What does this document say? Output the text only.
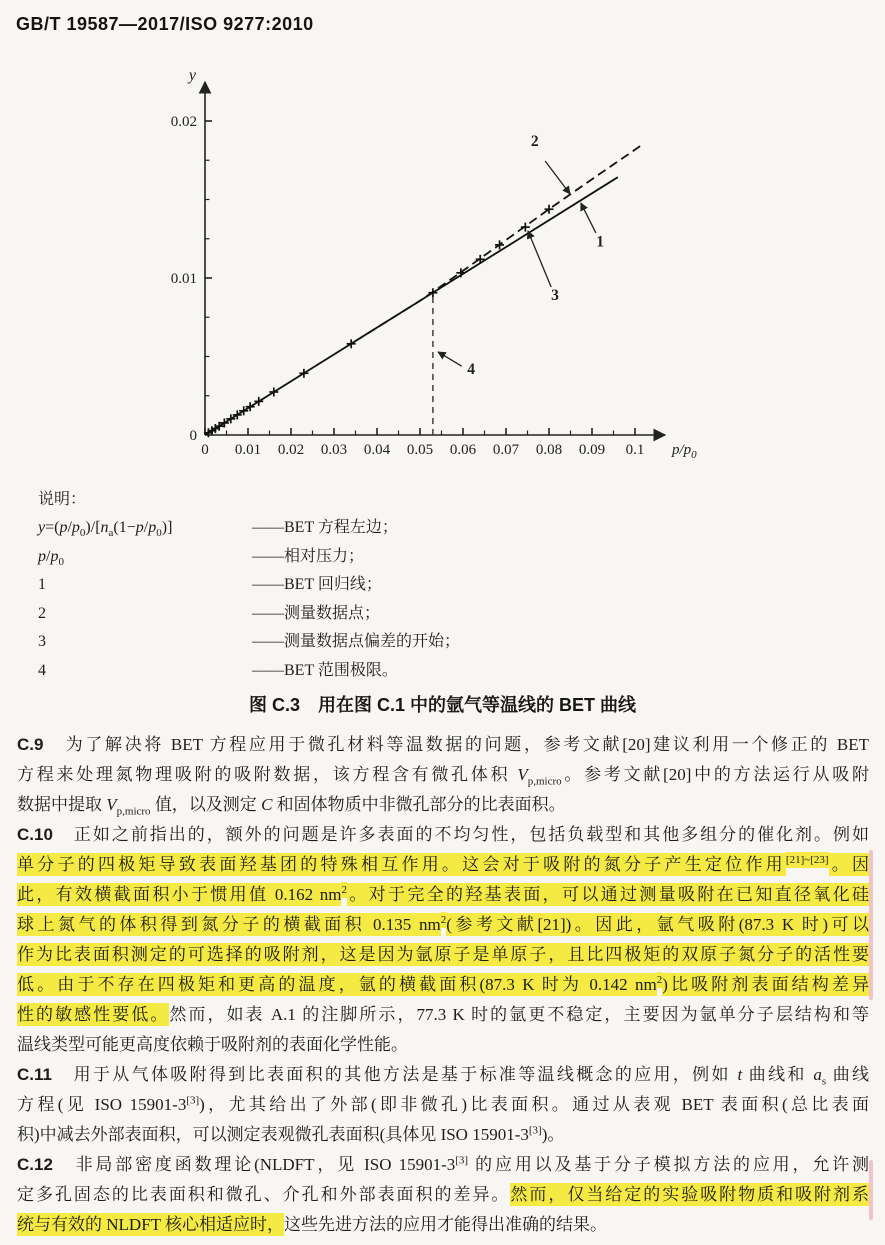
GB/T 19587—2017/ISO 9277:2010
0 0.01 0.02 0.03 0.04 0.05 0.06 0.07 0.08 0.09 0.1 $p/p_0$
0
0.01
0.02
y
2
1
3
4
说明：
$y=(p/p_0)/[n_a(1-p/p_0)]$	——BET 方程左边；
$p/p_0$	——相对压力；
1	——BET 回归线；
2	——测量数据点；
3	——测量数据点偏差的开始；
4	——BET 范围极限。
图 C.3　用在图 C.1 中的氩气等温线的 BET 曲线
C.9　为了解决将 BET 方程应用于微孔材料等温数据的问题，参考文献[20]建议利用一个修正的 BET
方程来处理氮物理吸附的吸附数据，该方程含有微孔体积 $V_{p,micro}$。参考文献[20]中的方法运行从吸附
数据中提取 $V_{p,micro}$ 值，以及测定 C 和固体物质中非微孔部分的比表面积。
C.10　正如之前指出的，额外的问题是许多表面的不均匀性，包括负载型和其他多组分的催化剂。例如
单分子的四极矩导致表面羟基团的特殊相互作用。这会对于吸附的氮分子产生定位作用[21]~[23]。因
此，有效横截面积小于惯用值 0.162 $nm^2$。对于完全的羟基表面，可以通过测量吸附在已知直径氧化硅
球上氮气的体积得到氮分子的横截面积 0.135 $nm^2$(参考文献[21])。因此，氩气吸附(87.3 K 时)可以
作为比表面积测定的可选择的吸附剂，这是因为氩原子是单原子，且比四极矩的双原子氮分子的活性要
低。由于不存在四极矩和更高的温度，氩的横截面积(87.3 K 时为 0.142 $nm^2$)比吸附剂表面结构差异
性的敏感性要低。然而，如表 A.1 的注脚所示，77.3 K 时的氩更不稳定，主要因为氩单分子层结构和等
温线类型可能更高度依赖于吸附剂的表面化学性能。
C.11　用于从气体吸附得到比表面积的其他方法是基于标准等温线概念的应用，例如 t 曲线和 $a_s$ 曲线
方程(见 ISO 15901-3[3])，尤其给出了外部(即非微孔)比表面积。通过从表观 BET 表面积(总比表面
积)中减去外部表面积，可以测定表观微孔表面积(具体见 ISO 15901-3[3])。
C.12　非局部密度函数理论(NLDFT，见 ISO 15901-3[3] 的应用以及基于分子模拟方法的应用，允许测
定多孔固态的比表面积和微孔、介孔和外部表面积的差异。然而，仅当给定的实验吸附物质和吸附剂系
统与有效的 NLDFT 核心相适应时，这些先进方法的应用才能得出准确的结果。
